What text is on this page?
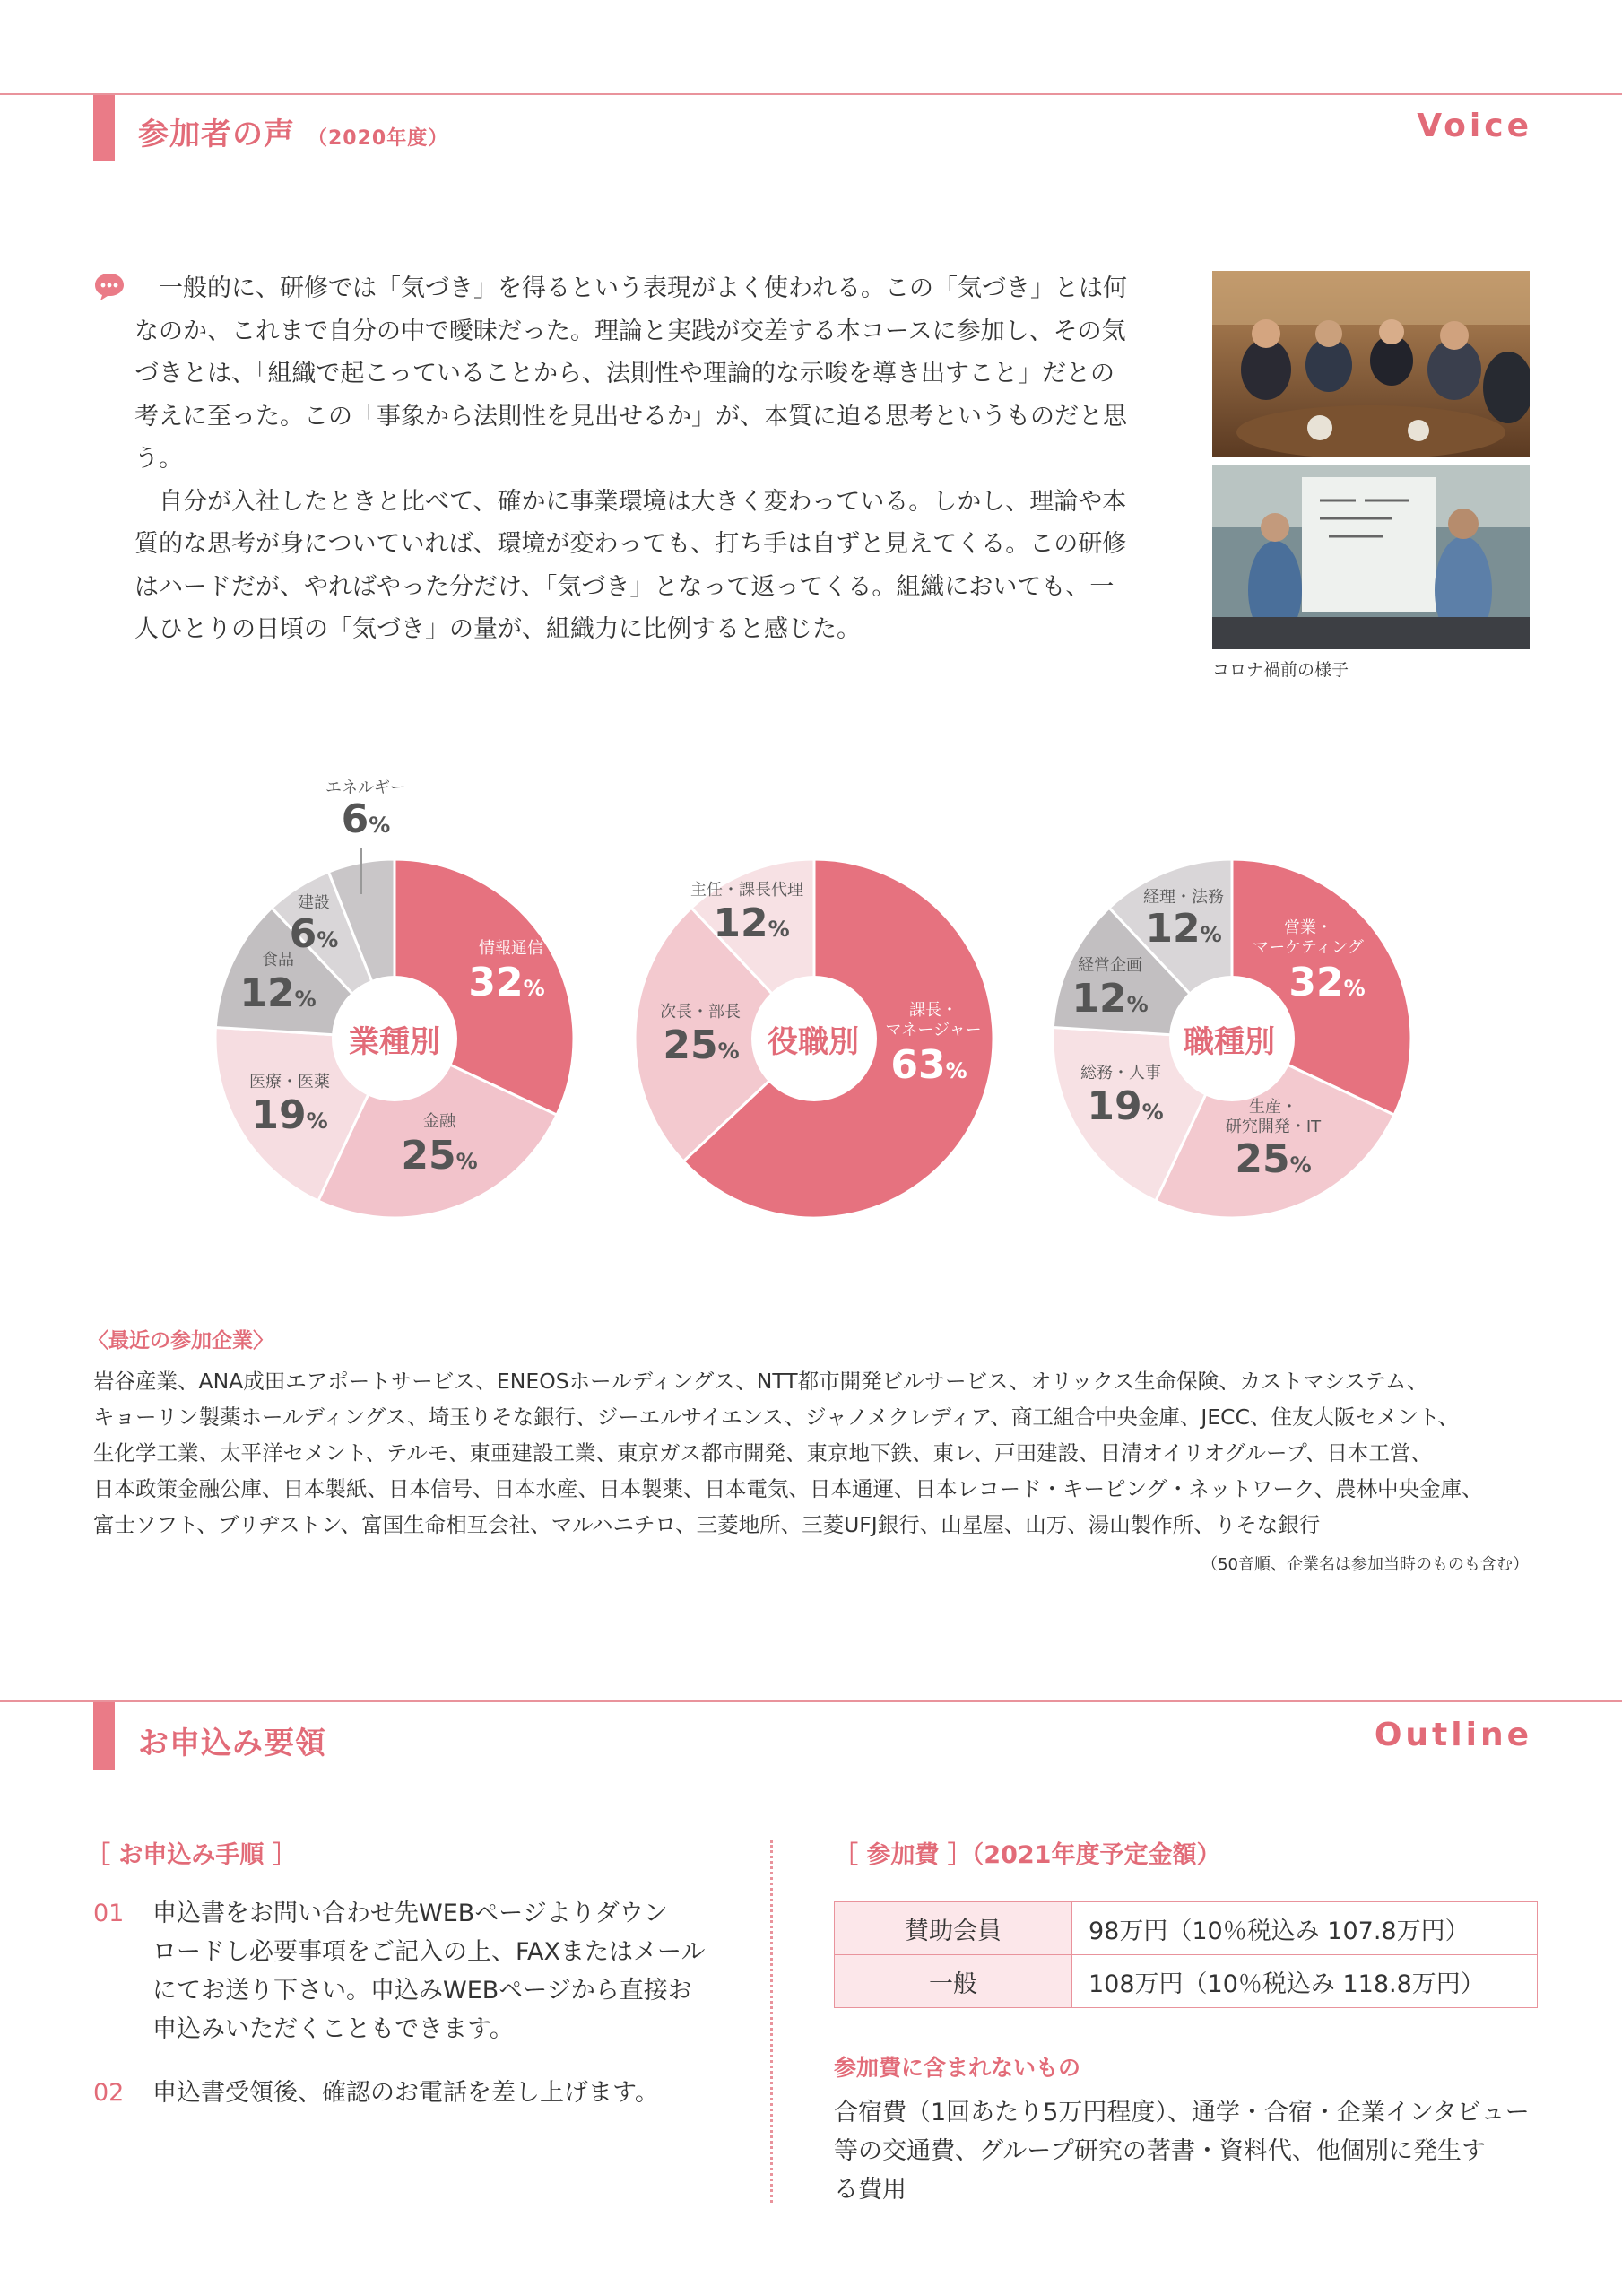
参加者の声 （2020年度）	Voice

一般的に、研修では「気づき」を得るという表現がよく使われる。この「気づき」とは何なのか、これまで自分の中で曖昧だった。理論と実践が交差する本コースに参加し、その気づきとは、「組織で起こっていることから、法則性や理論的な示唆を導き出すこと」だとの考えに至った。この「事象から法則性を見出せるか」が、本質に迫る思考というものだと思う。

自分が入社したときと比べて、確かに事業環境は大きく変わっている。しかし、理論や本質的な思考が身についていれば、環境が変わっても、打ち手は自ずと見えてくる。この研修はハードだが、やればやった分だけ、「気づき」となって返ってくる。組織においても、一人ひとりの日頃の「気づき」の量が、組織力に比例すると感じた。

コロナ禍前の様子
業種別
情報通信
32%
金融
25%
医療・医薬
19%
食品
12%
建設
6%
エネルギー
6%
役職別
課長・
マネージャー
63%
次長・部長
25%
主任・課長代理
12%
職種別
営業・
マーケティング
32%
生産・
研究開発・IT
25%
総務・人事
19%
経営企画
12%
経理・法務
12%
〈最近の参加企業〉
岩谷産業、ANA成田エアポートサービス、ENEOSホールディングス、NTT都市開発ビルサービス、オリックス生命保険、カストマシステム、
キョーリン製薬ホールディングス、埼玉りそな銀行、ジーエルサイエンス、ジャノメクレディア、商工組合中央金庫、JECC、住友大阪セメント、
生化学工業、太平洋セメント、テルモ、東亜建設工業、東京ガス都市開発、東京地下鉄、東レ、戸田建設、日清オイリオグループ、日本工営、
日本政策金融公庫、日本製紙、日本信号、日本水産、日本製薬、日本電気、日本通運、日本レコード・キーピング・ネットワーク、農林中央金庫、
富士ソフト、ブリヂストン、富国生命相互会社、マルハニチロ、三菱地所、三菱UFJ銀行、山星屋、山万、湯山製作所、りそな銀行
（50音順、企業名は参加当時のものも含む）
お申込み要領	Outline
［ お申込み手順 ］
01 申込書をお問い合わせ先WEBページよりダウン
ロードし必要事項をご記入の上、FAXまたはメール
にてお送り下さい。申込みWEBページから直接お
申込みいただくこともできます。
02 申込書受領後、確認のお電話を差し上げます。
［ 参加費 ］（2021年度予定金額）
賛助会員	98万円（10％税込み 107.8万円）
一般	108万円（10％税込み 118.8万円）
参加費に含まれないもの
合宿費（1回あたり5万円程度）、通学・合宿・企業インタビュー
等の交通費、グループ研究の著書・資料代、他個別に発生す
る費用
